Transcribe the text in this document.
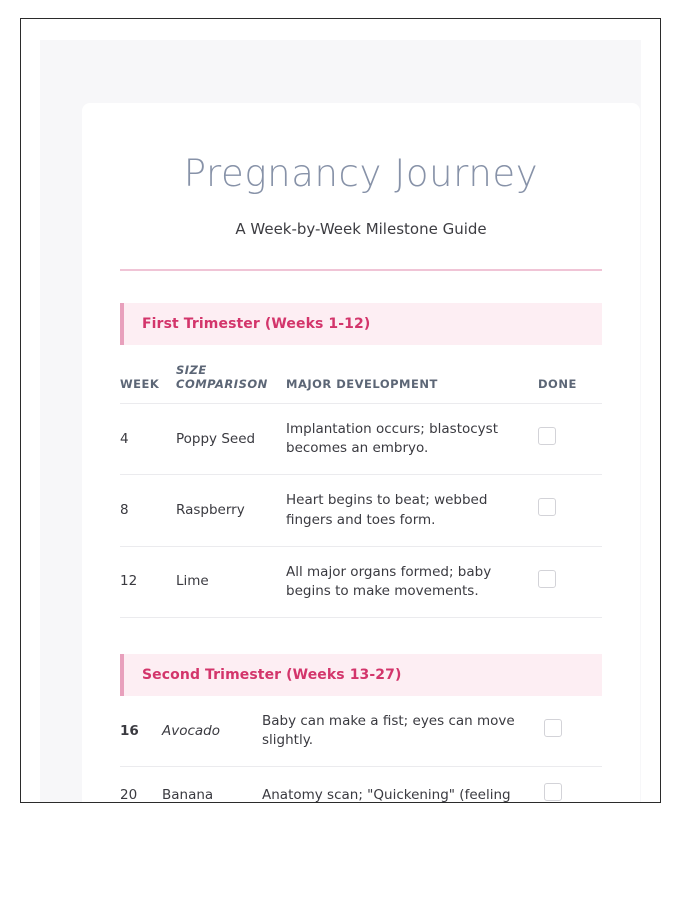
Pregnancy Journey

A Week-by-Week Milestone Guide

First Trimester (Weeks 1-12)
WEEK	SIZE COMPARISON	MAJOR DEVELOPMENT	DONE
4	Poppy Seed	Implantation occurs; blastocyst becomes an embryo.	
8	Raspberry	Heart begins to beat; webbed fingers and toes form.	
12	Lime	All major organs formed; baby begins to make movements.	
Second Trimester (Weeks 13-27)
16	Avocado	Baby can make a fist; eyes can move slightly.	
20	Banana	Anatomy scan; "Quickening" (feeling	
